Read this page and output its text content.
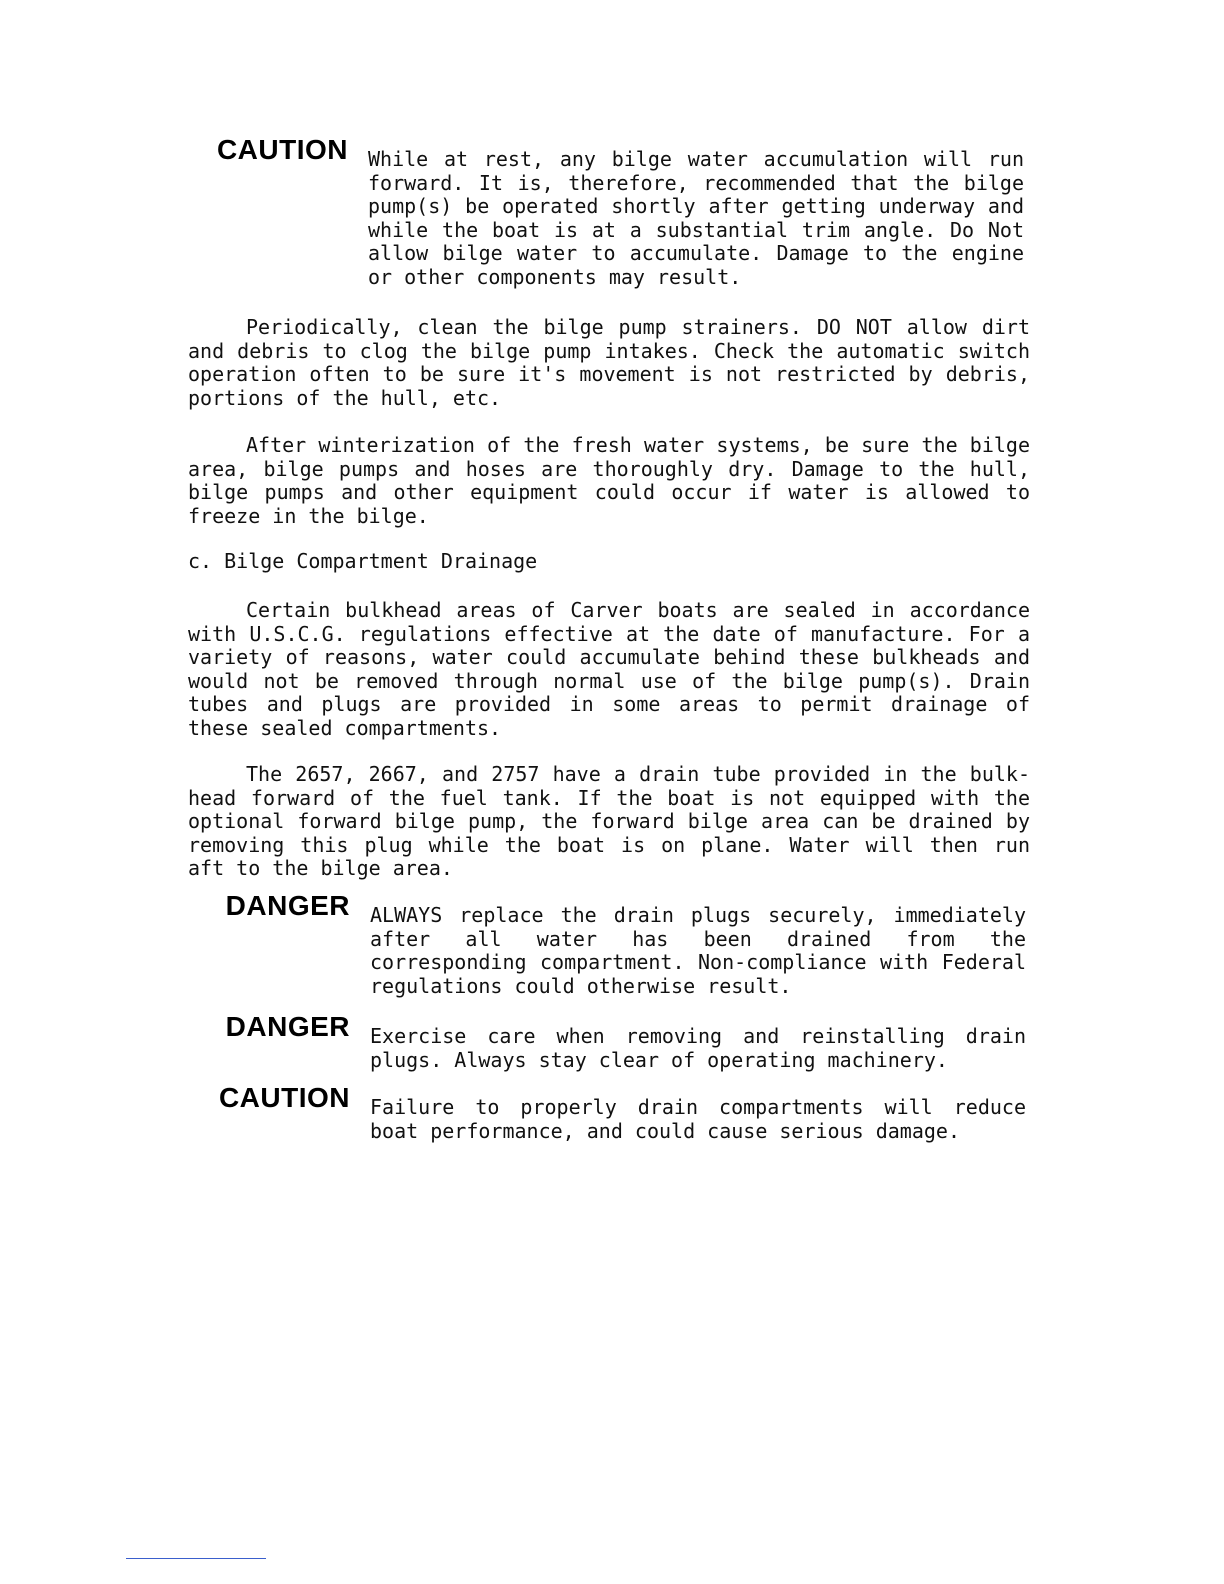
CAUTION While at rest, any bilge water accumulation will run forward. It is, therefore, recommended that the bilge pump(s) be operated shortly after getting underway and while the boat is at a substantial trim angle. Do Not allow bilge water to accumulate. Damage to the engine or other components may result.
Periodically, clean the bilge pump strainers. DO NOT allow dirt and debris to clog the bilge pump intakes. Check the automatic switch operation often to be sure it's movement is not restricted by debris, portions of the hull, etc.
After winterization of the fresh water systems, be sure the bilge area, bilge pumps and hoses are thoroughly dry. Damage to the hull, bilge pumps and other equipment could occur if water is allowed to freeze in the bilge.
c. Bilge Compartment Drainage
Certain bulkhead areas of Carver boats are sealed in accordance with U.S.C.G. regulations effective at the date of manufacture. For a variety of reasons, water could accumulate behind these bulkheads and would not be removed through normal use of the bilge pump(s). Drain tubes and plugs are provided in some areas to permit drainage of these sealed compartments.
The 2657, 2667, and 2757 have a drain tube provided in the bulk-head forward of the fuel tank. If the boat is not equipped with the optional forward bilge pump, the forward bilge area can be drained by removing this plug while the boat is on plane. Water will then run aft to the bilge area.
DANGER ALWAYS replace the drain plugs securely, immediately after all water has been drained from the corresponding compartment. Non-compliance with Federal regulations could otherwise result.
DANGER Exercise care when removing and reinstalling drain plugs. Always stay clear of operating machinery.
CAUTION Failure to properly drain compartments will reduce boat performance, and could cause serious damage.
